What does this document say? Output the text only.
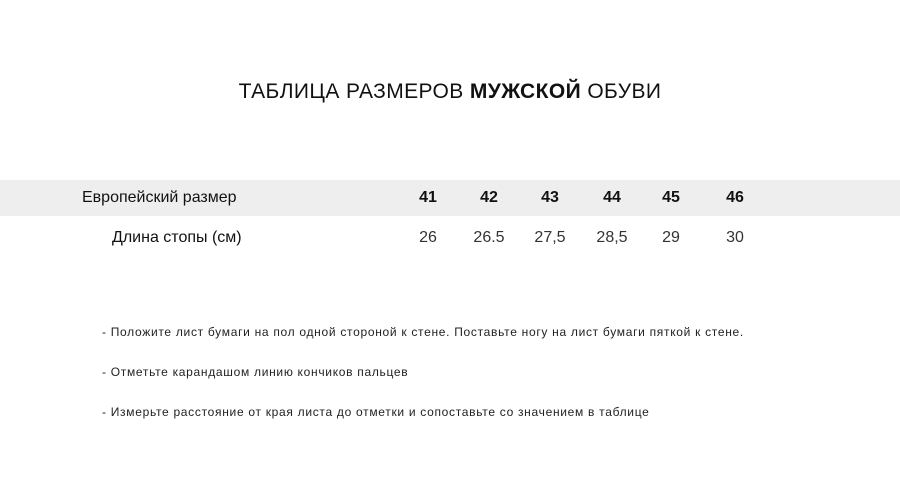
ТАБЛИЦА РАЗМЕРОВ МУЖСКОЙ ОБУВИ
Европейский размер	41	42	43	44	45	46
Длина стопы (см)	26	26.5	27,5	28,5	29	30
- Положите лист бумаги на пол одной стороной к стене. Поставьте ногу на лист бумаги пяткой к стене.
- Отметьте карандашом линию кончиков пальцев
- Измерьте расстояние от края листа до отметки и сопоставьте со значением в таблице
